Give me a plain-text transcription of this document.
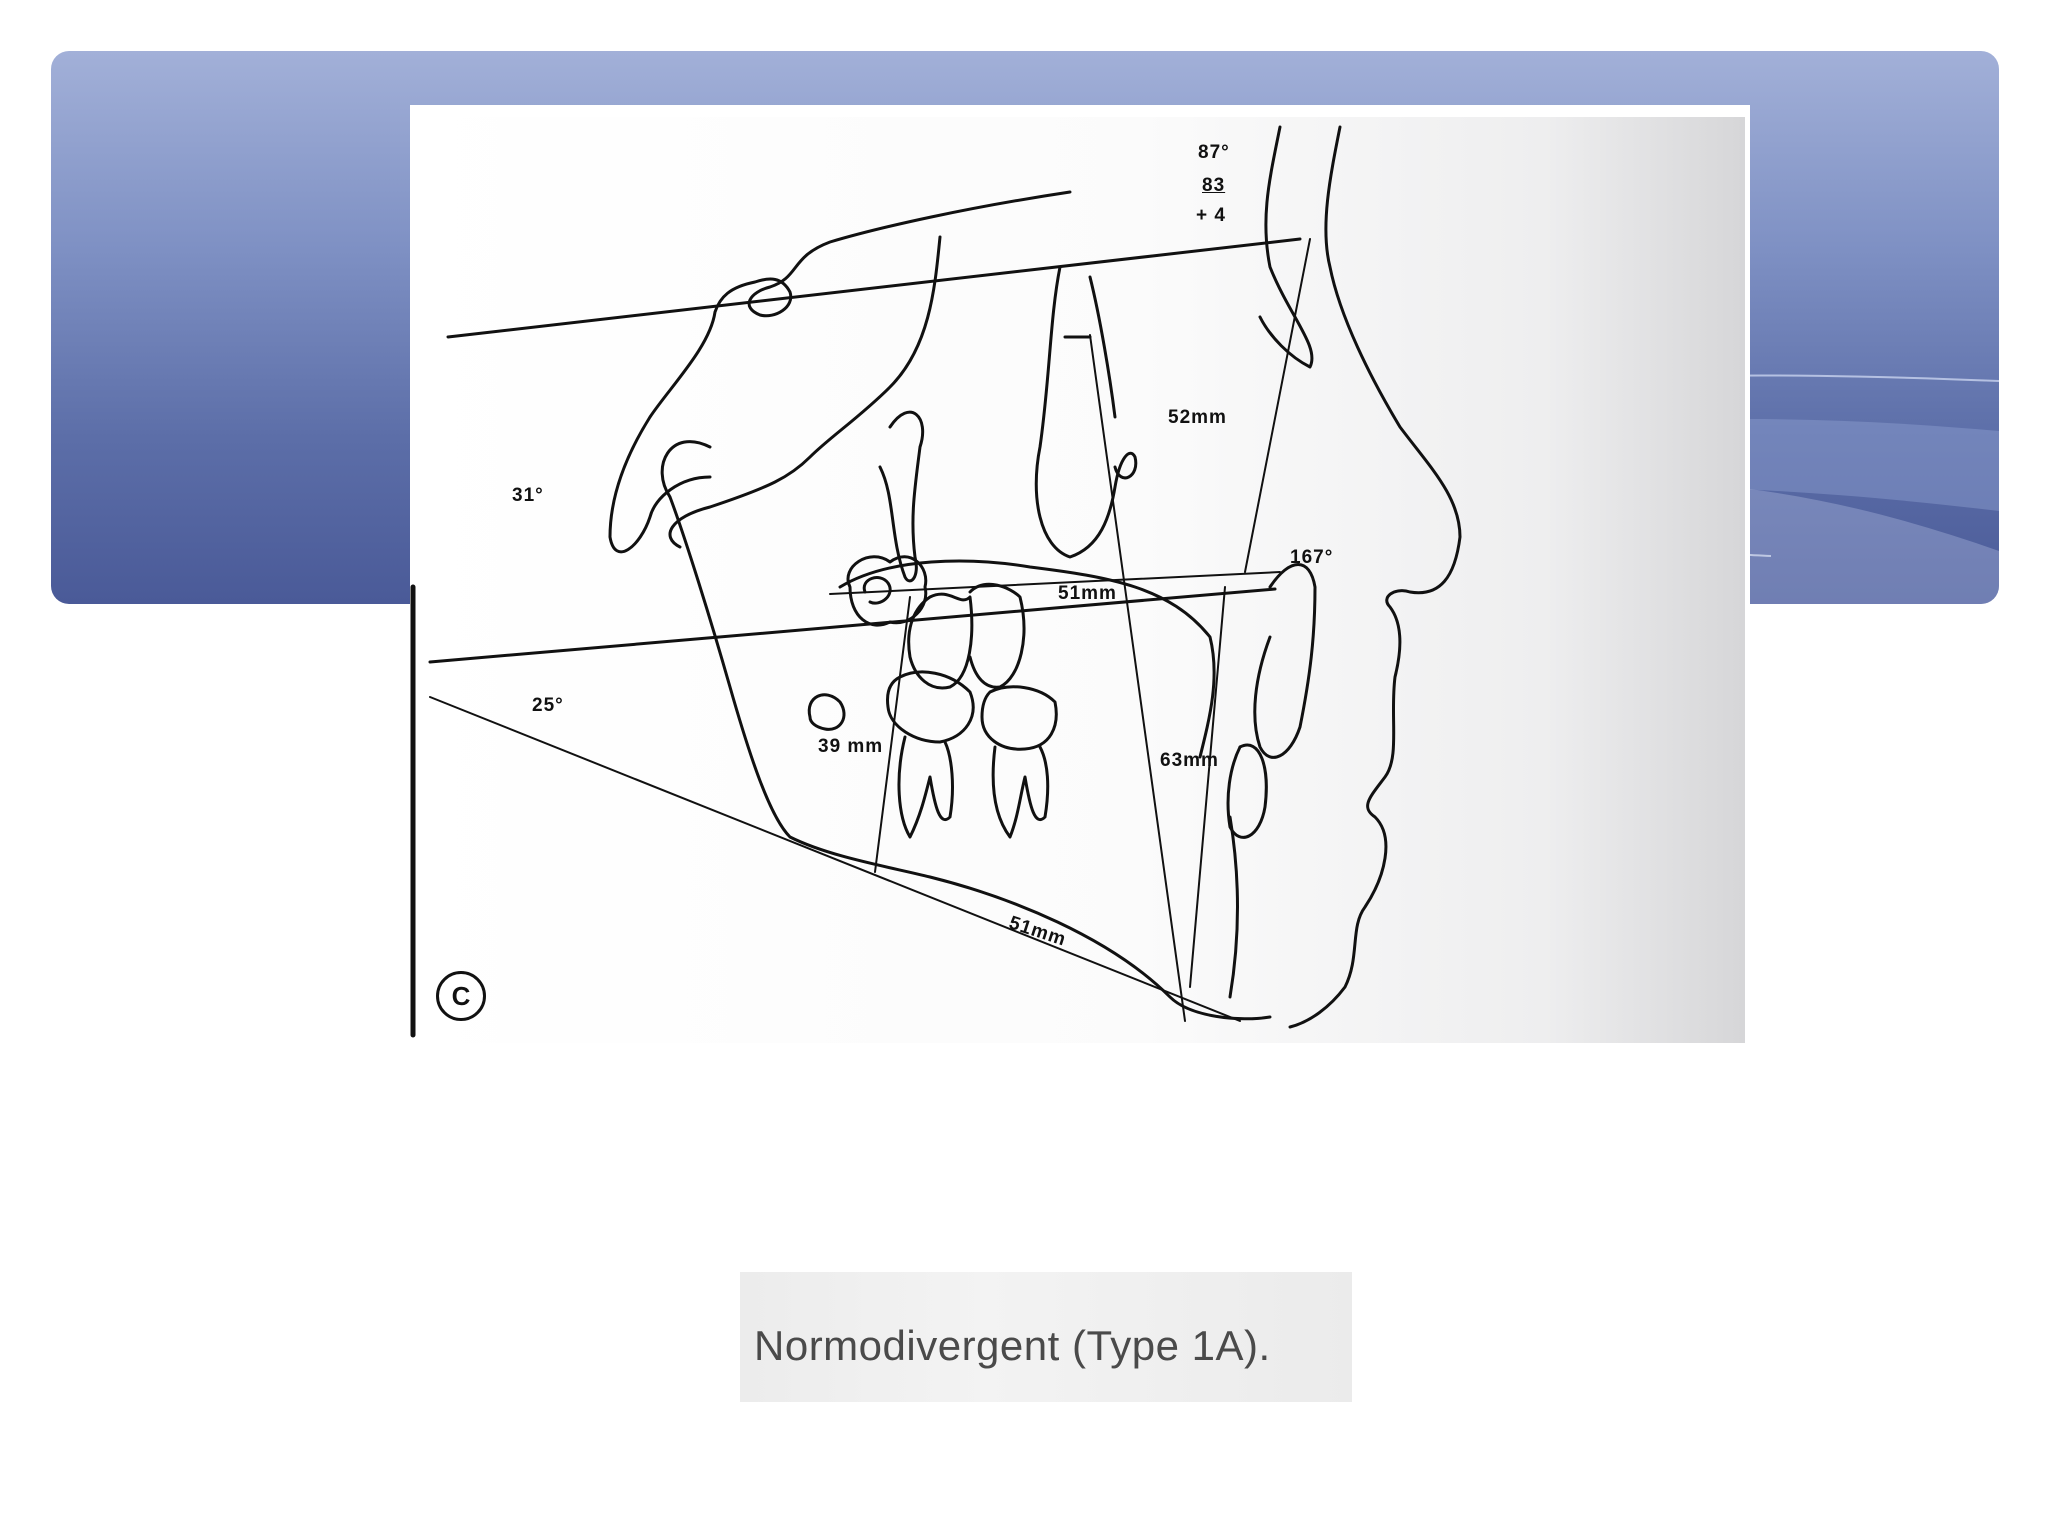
87°
83
+ 4
52mm
31°
167°
51mm
25°
39 mm
63mm
51mm
C
Normodivergent (Type 1A).
